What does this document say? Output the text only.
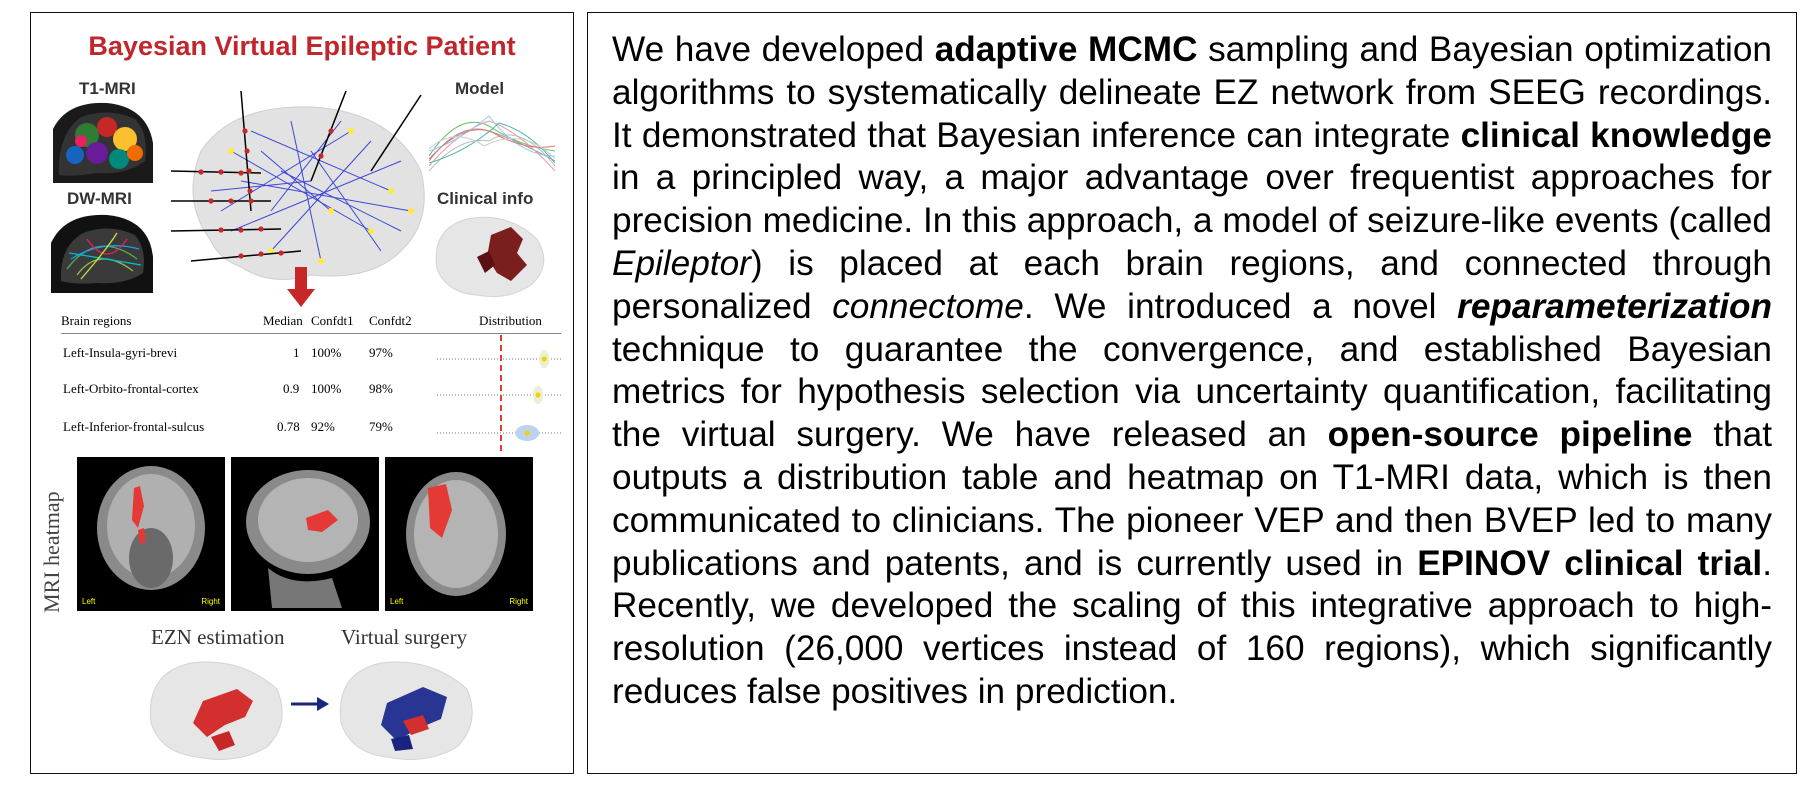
Bayesian Virtual Epileptic Patient
T1-MRI
DW-MRI
Model
Clinical info
Brain regions	Median Confdt1 Confdt2	Distribution
Left-Insula-gyri-brevi	1 100% 97%
Left-Orbito-frontal-cortex	0.9 100% 98%
Left-Inferior-frontal-sulcus	0.78 92%	79%
MRI heatmap	Left	Right	Left	Right
EZN estimation	Virtual surgery
We have developed adaptive MCMC sampling and Bayesian optimization algorithms to systematically delineate EZ network from SEEG recordings. It demonstrated that Bayesian inference can integrate clinical knowledge in a principled way, a major advantage over frequentist approaches for precision medicine. In this approach, a model of seizure-like events (called Epileptor) is placed at each brain regions, and connected through personalized connectome. We introduced a novel reparameterization technique to guarantee the convergence, and established Bayesian metrics for hypothesis selection via uncertainty quantification, facilitating the virtual surgery. We have released an open-source pipeline that outputs a distribution table and heatmap on T1-MRI data, which is then communicated to clinicians. The pioneer VEP and then BVEP led to many publications and patents, and is currently used in EPINOV clinical trial. Recently, we developed the scaling of this integrative approach to high-resolution (26,000 vertices instead of 160 regions), which significantly reduces false positives in prediction.
